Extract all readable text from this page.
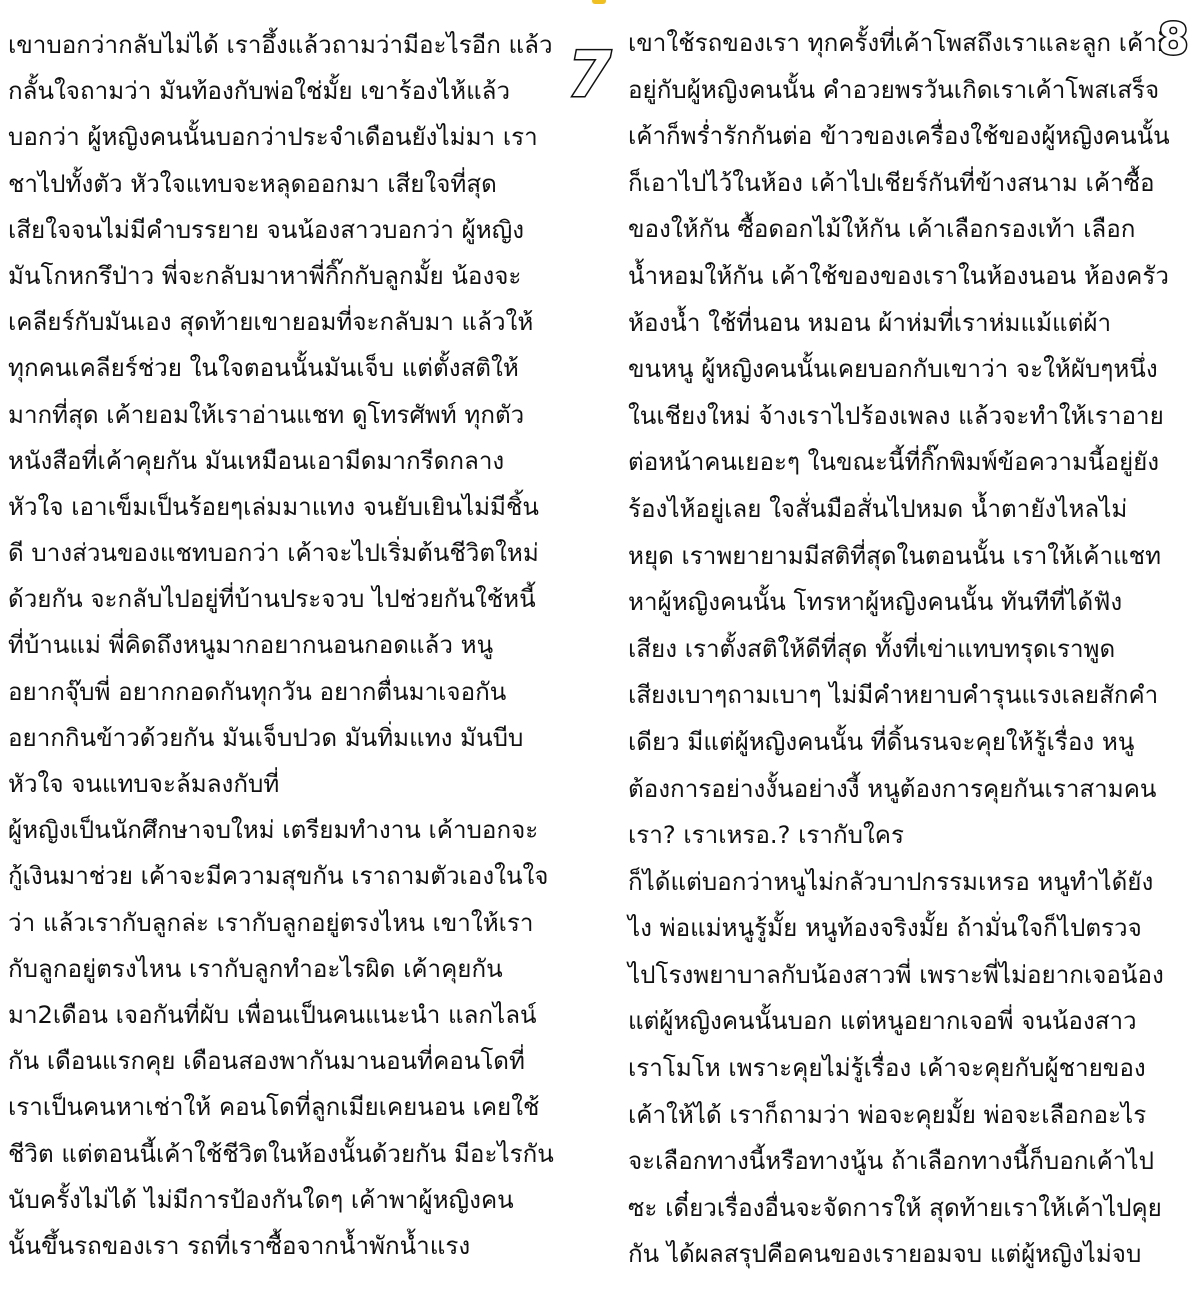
เขาบอกว่ากลับไม่ได้ เราอึ้งแล้วถามว่ามีอะไรอีก แล้ว
กลั้นใจถามว่า มันท้องกับพ่อใช่มั้ย เขาร้องไห้แล้ว
บอกว่า ผู้หญิงคนนั้นบอกว่าประจำเดือนยังไม่มา เรา
ชาไปทั้งตัว หัวใจแทบจะหลุดออกมา เสียใจที่สุด
เสียใจจนไม่มีคำบรรยาย จนน้องสาวบอกว่า ผู้หญิง
มันโกหกรึป่าว พี่จะกลับมาหาพี่กิ๊กกับลูกมั้ย น้องจะ
เคลียร์กับมันเอง สุดท้ายเขายอมที่จะกลับมา แล้วให้
ทุกคนเคลียร์ช่วย ในใจตอนนั้นมันเจ็บ แต่ตั้งสติให้
มากที่สุด เค้ายอมให้เราอ่านแชท ดูโทรศัพท์ ทุกตัว
หนังสือที่เค้าคุยกัน มันเหมือนเอามีดมากรีดกลาง
หัวใจ เอาเข็มเป็นร้อยๆเล่มมาแทง จนยับเยินไม่มีชิ้น
ดี บางส่วนของแชทบอกว่า เค้าจะไปเริ่มต้นชีวิตใหม่
ด้วยกัน จะกลับไปอยู่ที่บ้านประจวบ ไปช่วยกันใช้หนี้
ที่บ้านแม่ พี่คิดถึงหนูมากอยากนอนกอดแล้ว หนู
อยากจุ๊บพี่ อยากกอดกันทุกวัน อยากตื่นมาเจอกัน
อยากกินข้าวด้วยกัน มันเจ็บปวด มันทิ่มแทง มันบีบ
หัวใจ จนแทบจะล้มลงกับที่
ผู้หญิงเป็นนักศึกษาจบใหม่ เตรียมทำงาน เค้าบอกจะ
กู้เงินมาช่วย เค้าจะมีความสุขกัน เราถามตัวเองในใจ
ว่า แล้วเรากับลูกล่ะ เรากับลูกอยู่ตรงไหน เขาให้เรา
กับลูกอยู่ตรงไหน เรากับลูกทำอะไรผิด เค้าคุยกัน
มา2เดือน เจอกันที่ผับ เพื่อนเป็นคนแนะนำ แลกไลน์
กัน เดือนแรกคุย เดือนสองพากันมานอนที่คอนโดที่
เราเป็นคนหาเช่าให้ คอนโดที่ลูกเมียเคยนอน เคยใช้
ชีวิต แต่ตอนนี้เค้าใช้ชีวิตในห้องนั้นด้วยกัน มีอะไรกัน
นับครั้งไม่ได้ ไม่มีการป้องกันใดๆ เค้าพาผู้หญิงคน
นั้นขึ้นรถของเรา รถที่เราซื้อจากน้ำพักน้ำแรง
7 เขาใช้รถของเรา ทุกครั้งที่เค้าโพสถึงเราและลูก เค้าก็
อยู่กับผู้หญิงคนนั้น คำอวยพรวันเกิดเราเค้าโพสเสร็จ
เค้าก็พร่ำรักกันต่อ ข้าวของเครื่องใช้ของผู้หญิงคนนั้น
ก็เอาไปไว้ในห้อง เค้าไปเชียร์กันที่ข้างสนาม เค้าซื้อ
ของให้กัน ซื้อดอกไม้ให้กัน เค้าเลือกรองเท้า เลือก
น้ำหอมให้กัน เค้าใช้ของของเราในห้องนอน ห้องครัว
ห้องน้ำ ใช้ที่นอน หมอน ผ้าห่มที่เราห่มแม้แต่ผ้า
ขนหนู ผู้หญิงคนนั้นเคยบอกกับเขาว่า จะให้ผับๆหนึ่ง
ในเชียงใหม่ จ้างเราไปร้องเพลง แล้วจะทำให้เราอาย
ต่อหน้าคนเยอะๆ ในขณะนี้ที่กิ๊กพิมพ์ข้อความนี้อยู่ยัง
ร้องไห้อยู่เลย ใจสั่นมือสั่นไปหมด น้ำตายังไหลไม่
หยุด เราพยายามมีสติที่สุดในตอนนั้น เราให้เค้าแชท
หาผู้หญิงคนนั้น โทรหาผู้หญิงคนนั้น ทันทีที่ได้ฟัง
เสียง เราตั้งสติให้ดีที่สุด ทั้งที่เข่าแทบทรุดเราพูด
เสียงเบาๆถามเบาๆ ไม่มีคำหยาบคำรุนแรงเลยสักคำ
เดียว มีแต่ผู้หญิงคนนั้น ที่ดิ้นรนจะคุยให้รู้เรื่อง หนู
ต้องการอย่างงั้นอย่างงี้ หนูต้องการคุยกันเราสามคน
เรา? เราเหรอ.? เรากับใคร
ก็ได้แต่บอกว่าหนูไม่กลัวบาปกรรมเหรอ หนูทำได้ยัง
ไง พ่อแม่หนูรู้มั้ย หนูท้องจริงมั้ย ถ้ามั่นใจก็ไปตรวจ
ไปโรงพยาบาลกับน้องสาวพี่ เพราะพี่ไม่อยากเจอน้อง
แต่ผู้หญิงคนนั้นบอก แต่หนูอยากเจอพี่ จนน้องสาว
เราโมโห เพราะคุยไม่รู้เรื่อง เค้าจะคุยกับผู้ชายของ
เค้าให้ได้ เราก็ถามว่า พ่อจะคุยมั้ย พ่อจะเลือกอะไร
จะเลือกทางนี้หรือทางนู้น ถ้าเลือกทางนี้ก็บอกเค้าไป
ซะ เดี๋ยวเรื่องอื่นจะจัดการให้ สุดท้ายเราให้เค้าไปคุย
กัน ได้ผลสรุปคือคนของเรายอมจบ แต่ผู้หญิงไม่จบ
8
